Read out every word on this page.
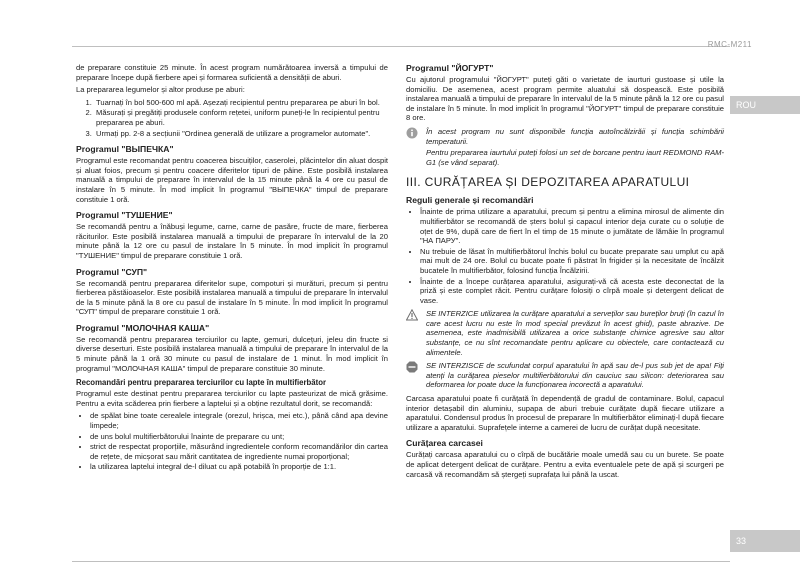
RMC-M211
ROU
33

de preparare constituie 25 minute. În acest program numărătoarea inversă a timpului de preparare începe după fierbere apei și formarea suficientă a densității de aburi.

La prepararea legumelor și altor produse pe aburi:

1. Tuarnați în bol 500-600 ml apă. Așezați recipientul pentru prepararea pe aburi în bol.
2. Măsurați și pregătiți produsele conform rețetei, uniform puneți-le în recipientul pentru prepararea pe aburi.
3. Urmați pp. 2-8 a secțiunii "Ordinea generală de utilizare a programelor automate".
Programul "ВЫПЕЧКА"

Programul este recomandat pentru coacerea biscuiților, caserolei, plăcintelor din aluat dospit și aluat foios, precum și pentru coacere diferitelor tipuri de pâine. Este posibilă instalarea manuală a timpului de preparare în intervalul de la 15 minute până la 4 ore cu pasul de instalare în 5 minute. În mod implicit în programul "ВЫПЕЧКА" timpul de preparare constituie 1 oră.

Programul "ТУШЕНИЕ"

Se recomandă pentru a înăbuși legume, carne, carne de pasăre, fructe de mare, fierberea răciturilor. Este posibilă instalarea manuală a timpului de preparare în intervalul de la 20 minute până la 12 ore cu pasul de instalare în 5 minute. În mod implicit în programul "ТУШЕНИЕ" timpul de preparare constituie 1 oră.

Programul "СУП"

Se recomandă pentru prepararea diferitelor supe, compoturi și murături, precum și pentru fierberea păstăioaselor. Este posibilă instalarea manuală a timpului de preparare în intervalul de la 5 minute până la 8 ore cu pasul de instalare în 5 minute. În mod implicit în programul "СУП" timpul de preparare constituie 1 oră.

Programul "МОЛОЧНАЯ КАША"

Se recomandă pentru prepararea terciurilor cu lapte, gemuri, dulcețuri, jeleu din fructe si diverse deserturi. Este posibilă instalarea manuală a timpului de preparare în intervalul de la 5 minute până la 1 oră 30 minute cu pasul de instalare de 1 minut. În mod implicit în programul "МОЛОЧНАЯ КАША" timpul de preparare constituie 30 minute.

Recomandări pentru prepararea terciurilor cu lapte în multifierbător

Programul este destinat pentru prepararea terciurilor cu lapte pasteurizat de mică grăsime. Pentru a evita scăderea prin fierbere a laptelui și a obține rezultatul dorit, se recomandă:

• de spălat bine toate cerealele integrale (orezul, hrișca, mei etc.), până când apa devine limpede;
• de uns bolul multifierbătorului înainte de preparare cu unt;
• strict de respectat proporțiile, măsurând ingredientele conform recomandărilor din cartea de rețete, de micșorat sau mărit cantitatea de ingrediente numai proporțional;
• la utilizarea laptelui integral de-l diluat cu apă potabilă în proporție de 1:1.
Programul "ЙОГУРТ"

Cu ajutorul programului "ЙОГУРТ" puteți găti o varietate de iaurturi gustoase și utile la domiciliu. De asemenea, acest program permite aluatului să dospească. Este posibilă instalarea manuală a timpului de preparare în intervalul de la 5 minute până la 12 ore cu pasul de instalare în 5 minute. În mod implicit în programul "ЙОГУРТ" timpul de preparare constituie 8 ore.

În acest program nu sunt disponibile funcția autoîncălzirăii și funcția schimbării temperaturii.

Pentru prepararea iaurtului puteți folosi un set de borcane pentru iaurt REDMOND RAM-G1 (se vând separat).

III. CURĂȚAREA ȘI DEPOZITAREA APARATULUI
Reguli generale și recomandări
• Înainte de prima utilizare a aparatului, precum și pentru a elimina mirosul de alimente din multifierbător se recomandă de șters bolul și capacul interior deja curate cu o soluție de oțet de 9%, după care de fiert în el timp de 15 minute o jumătate de lămâie în programul "НА ПАРУ".
• Nu trebuie de lăsat în multifierbătorul închis bolul cu bucate preparate sau umplut cu apă mai mult de 24 ore. Bolul cu bucate poate fi păstrat în frigider și la necesitate de încălzit bucatele în multifierbător, folosind funcția Încălzirii.
• Înainte de a începe curățarea aparatului, asigurați-vă că acesta este deconectat de la priză și este complet răcit. Pentru curățare folosiți o cîrpă moale și detergent delicat de vase.

SE INTERZICE utilizarea la curățare aparatului a serveților sau bureților bruți (în cazul în care acest lucru nu este în mod special prevăzut în acest ghid), paste abrazive. De asemenea, este inadmisibilă utilizarea a orice substanțe chimice agresive sau altor substanțe, ce nu sînt recomandate pentru aplicare cu obiectele, care contactează cu alimentele.

SE INTERZISCE de scufundat corpul aparatului în apă sau de-l pus sub jet de apa! Fiți atenți la curățarea pieselor multifierbătorului din cauciuc sau silicon: deteriorarea sau deformarea lor poate duce la funcționarea incorectă a aparatului.

Carcasa aparatului poate fi curățată în dependență de gradul de contaminare. Bolul, capacul interior detașabil din aluminiu, supapa de aburi trebuie curățate după fiecare utilizare a aparatului. Condensul produs în procesul de preparare în multifierbător eliminați-l după fiecare utilizare a aparatului. Suprafețele interne a camerei de lucru de curățat după necesitate.

Curățarea carcasei

Curățați carcasa aparatului cu o cîrpă de bucătărie moale umedă sau cu un burete. Se poate de aplicat detergent delicat de curățare. Pentru a evita eventualele pete de apă și scurgeri pe carcasă vă recomandăm să ștergeți suprafața lui până la uscat.
